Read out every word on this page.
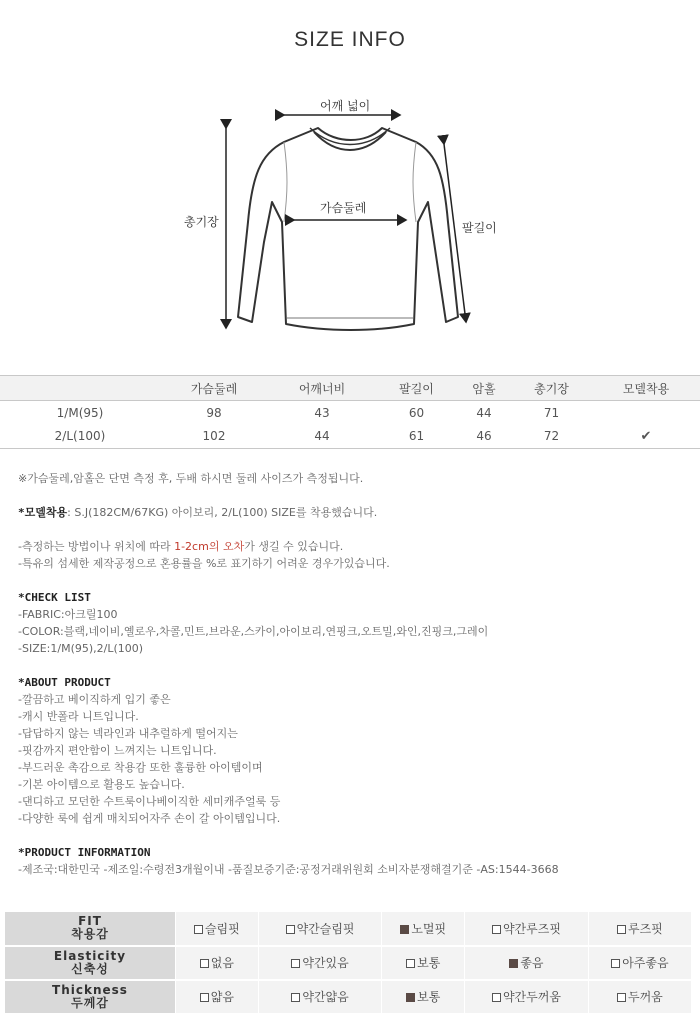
SIZE INFO
어깨 넓이
가슴둘레
총기장	팔길이
	가슴둘레	어깨너비	팔길이	암홀	총기장	모델착용
1/M(95)	98	43	60	44	71	
2/L(100)	102	44	61	46	72	✔

※가슴둘레,암홀은 단면 측정 후, 두배 하시면 둘레 사이즈가 측정됩니다.

*모델착용: S.J(182CM/67KG) 아이보리, 2/L(100) SIZE를 착용했습니다.

-측정하는 방법이나 위치에 따라 1-2cm의 오차가 생길 수 있습니다.

-특유의 섬세한 제작공정으로 혼용률을 %로 표기하기 어려운 경우가있습니다.

*CHECK LIST

-FABRIC:아크릴100

-COLOR:블랙,네이비,옐로우,차콜,민트,브라운,스카이,아이보리,연핑크,오트밀,와인,진핑크,그레이

-SIZE:1/M(95),2/L(100)

*ABOUT PRODUCT

-깔끔하고 베이직하게 입기 좋은

-캐시 반폴라 니트입니다.

-답답하지 않는 넥라인과 내추럴하게 떨어지는

-핏감까지 편안함이 느껴지는 니트입니다.

-부드러운 촉감으로 착용감 또한 훌륭한 아이템이며

-기본 아이템으로 활용도 높습니다.

-댄디하고 모던한 수트룩이나베이직한 세미캐주얼룩 등

-다양한 룩에 쉽게 매치되어자주 손이 갈 아이템입니다.

*PRODUCT INFORMATION

-제조국:대한민국 -제조일:수령전3개월이내 -품질보증기준:공정거래위원회 소비자분쟁해결기준 -AS:1544-3668

FIT
착용감	슬림핏	약간슬림핏	노멀핏	약간루즈핏	루즈핏

Elasticity
신축성	없음	약간있음	보통	좋음	아주좋음

Thickness
두께감	얇음	약간얇음	보통	약간두꺼움	두꺼움
